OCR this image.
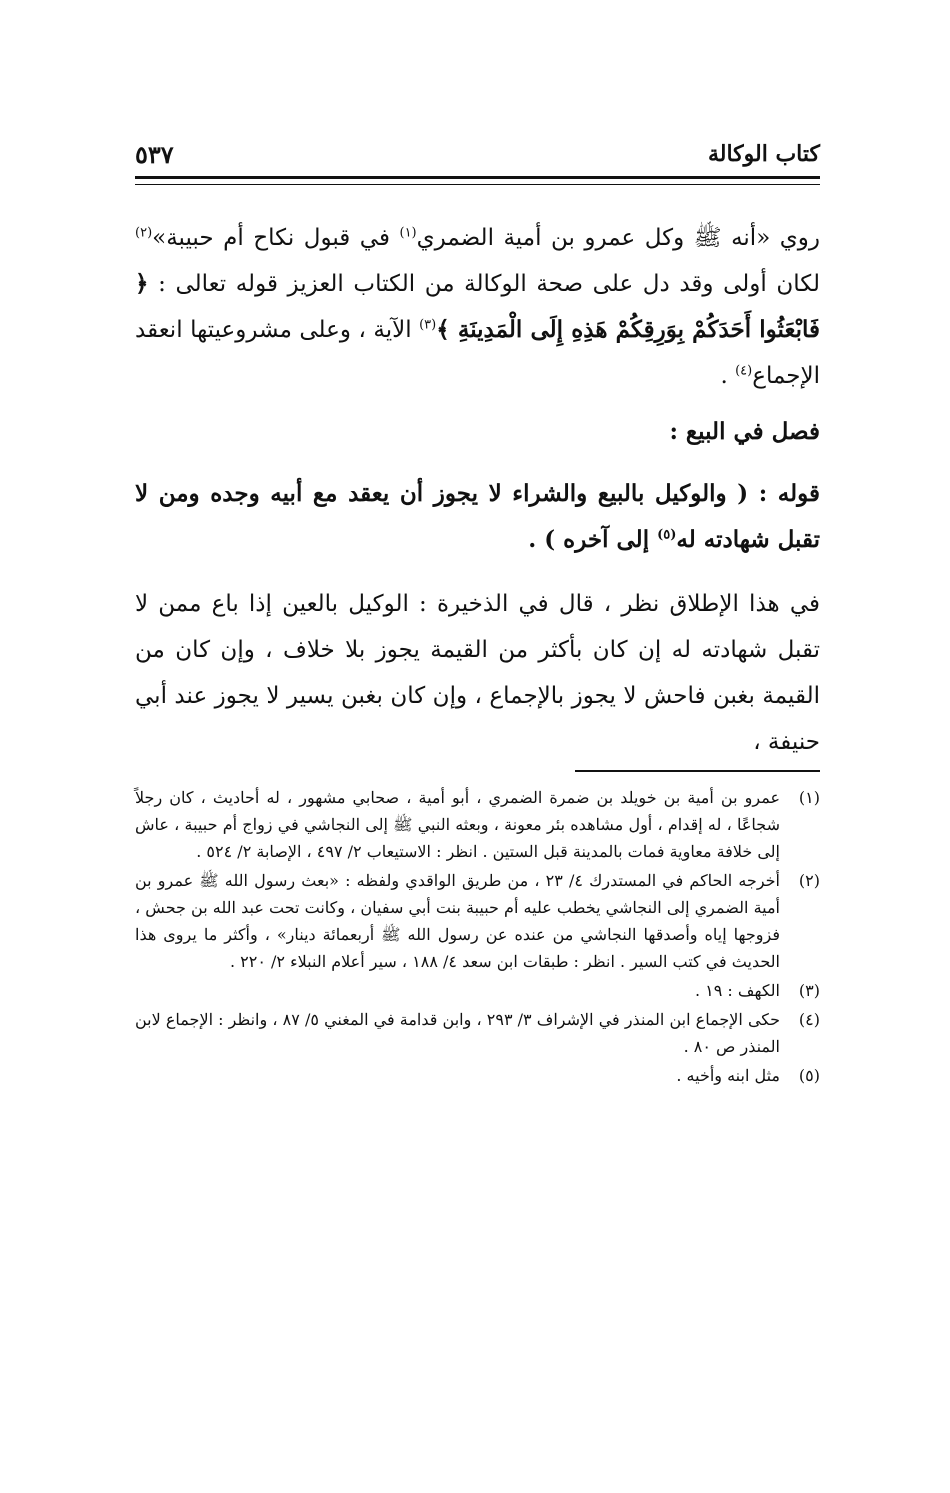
كتاب الوكالة
٥٣٧

روي «أنه ﷺ وكل عمرو بن أمية الضمري$^{(١)}$ في قبول نكاح أم حبيبة»$^{(٢)}$ لكان أولى وقد دل على صحة الوكالة من الكتاب العزيز قوله تعالى : ﴿ فَابْعَثُوا أَحَدَكُمْ بِوَرِقِكُمْ هَذِهِ إِلَى الْمَدِينَةِ ﴾$^{(٣)}$ الآية ، وعلى مشروعيتها انعقد الإجماع$^{(٤)}$ .

فصل في البيع :

قوله : ( والوكيل بالبيع والشراء لا يجوز أن يعقد مع أبيه وجده ومن لا تقبل شهادته له$^{(٥)}$ إلى آخره ) .

في هذا الإطلاق نظر ، قال في الذخيرة : الوكيل بالعين إذا باع ممن لا تقبل شهادته له إن كان بأكثر من القيمة يجوز بلا خلاف ، وإن كان من القيمة بغبن فاحش لا يجوز بالإجماع ، وإن كان بغبن يسير لا يجوز عند أبي حنيفة ،

(١)
عمرو بن أمية بن خويلد بن ضمرة الضمري ، أبو أمية ، صحابي مشهور ، له أحاديث ، كان رجلاً شجاعًا ، له إقدام ، أول مشاهده بئر معونة ، وبعثه النبي ﷺ إلى النجاشي في زواج أم حبيبة ، عاش إلى خلافة معاوية فمات بالمدينة قبل الستين . انظر : الاستيعاب ٢/ ٤٩٧ ، الإصابة ٢/ ٥٢٤ .
(٢)
أخرجه الحاكم في المستدرك ٤/ ٢٣ ، من طريق الواقدي ولفظه : «بعث رسول الله ﷺ عمرو بن أمية الضمري إلى النجاشي يخطب عليه أم حبيبة بنت أبي سفيان ، وكانت تحت عبد الله بن جحش ، فزوجها إياه وأصدقها النجاشي من عنده عن رسول الله ﷺ أربعمائة دينار» ، وأكثر ما يروى هذا الحديث في كتب السير . انظر : طبقات ابن سعد ٤/ ١٨٨ ، سير أعلام النبلاء ٢/ ٢٢٠ .
(٣)
الكهف : ١٩ .
(٤)
حكى الإجماع ابن المنذر في الإشراف ٣/ ٢٩٣ ، وابن قدامة في المغني ٥/ ٨٧ ، وانظر : الإجماع لابن المنذر ص ٨٠ .
(٥)
مثل ابنه وأخيه .
